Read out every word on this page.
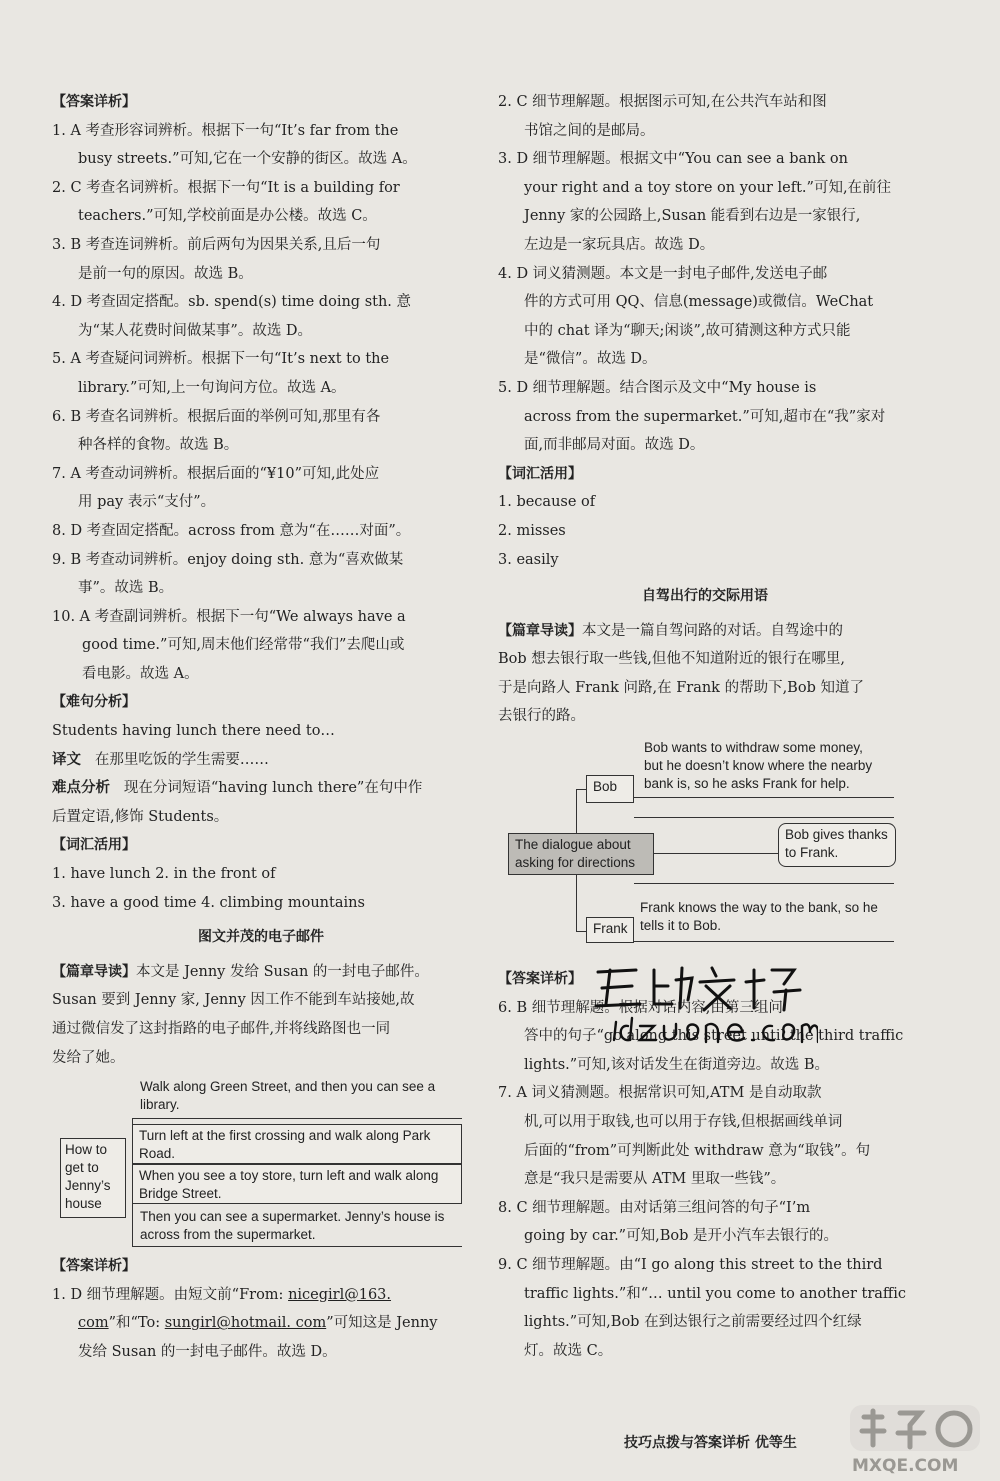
【答案详析】
1. A 考查形容词辨析。根据下一句“It’s far from the
busy streets.”可知,它在一个安静的街区。故选 A。
2. C 考查名词辨析。根据下一句“It is a building for
teachers.”可知,学校前面是办公楼。故选 C。
3. B 考查连词辨析。前后两句为因果关系,且后一句
是前一句的原因。故选 B。
4. D 考查固定搭配。sb. spend(s) time doing sth. 意
为“某人花费时间做某事”。故选 D。
5. A 考查疑问词辨析。根据下一句“It’s next to the
library.”可知,上一句询问方位。故选 A。
6. B 考查名词辨析。根据后面的举例可知,那里有各
种各样的食物。故选 B。
7. A 考查动词辨析。根据后面的“¥10”可知,此处应
用 pay 表示“支付”。
8. D 考查固定搭配。across from 意为“在……对面”。
9. B 考查动词辨析。enjoy doing sth. 意为“喜欢做某
事”。故选 B。
10. A 考查副词辨析。根据下一句“We always have a
good time.”可知,周末他们经常带“我们”去爬山或
看电影。故选 A。
【难句分析】
Students having lunch there need to…
译文 在那里吃饭的学生需要……
难点分析 现在分词短语“having lunch there”在句中作
后置定语,修饰 Students。
【词汇活用】
1. have lunch 2. in the front of
3. have a good time 4. climbing mountains
图文并茂的电子邮件
【篇章导读】本文是 Jenny 发给 Susan 的一封电子邮件。
Susan 要到 Jenny 家, Jenny 因工作不能到车站接她,故
通过微信发了这封指路的电子邮件,并将线路图也一同
发给了她。
Walk along Green Street, and then you can see a library.
Turn left at the first crossing and walk along Park Road.
When you see a toy store, turn left and walk along Bridge Street.
Then you can see a supermarket. Jenny’s house is across from the supermarket.
How to get to Jenny’s house
【答案详析】
1. D 细节理解题。由短文前“From: nicegirl@163.
com”和“To: sungirl@hotmail. com”可知这是 Jenny
发给 Susan 的一封电子邮件。故选 D。
2. C 细节理解题。根据图示可知,在公共汽车站和图
书馆之间的是邮局。
3. D 细节理解题。根据文中“You can see a bank on
your right and a toy store on your left.”可知,在前往
Jenny 家的公园路上,Susan 能看到右边是一家银行,
左边是一家玩具店。故选 D。
4. D 词义猜测题。本文是一封电子邮件,发送电子邮
件的方式可用 QQ、信息(message)或微信。WeChat
中的 chat 译为“聊天;闲谈”,故可猜测这种方式只能
是“微信”。故选 D。
5. D 细节理解题。结合图示及文中“My house is
across from the supermarket.”可知,超市在“我”家对
面,而非邮局对面。故选 D。
【词汇活用】
1. because of
2. misses
3. easily
自驾出行的交际用语
【篇章导读】本文是一篇自驾问路的对话。自驾途中的
Bob 想去银行取一些钱,但他不知道附近的银行在哪里,
于是向路人 Frank 问路,在 Frank 的帮助下,Bob 知道了
去银行的路。
Bob wants to withdraw some money,
but he doesn’t know where the nearby
bank is, so he asks Frank for help.
Bob
The dialogue about asking for directions
Bob gives thanks to Frank.
Frank knows the way to the bank, so he
tells it to Bob.
Frank
【答案详析】
6. B 细节理解题。根据对话内容,由第三组问
答中的句子“go along this street until the third traffic
lights.”可知,该对话发生在街道旁边。故选 B。
7. A 词义猜测题。根据常识可知,ATM 是自动取款
机,可以用于取钱,也可以用于存钱,但根据画线单词
后面的“from”可判断此处 withdraw 意为“取钱”。句
意是“我只是需要从 ATM 里取一些钱”。
8. C 细节理解题。由对话第三组问答的句子“I’m
going by car.”可知,Bob 是开小汽车去银行的。
9. C 细节理解题。由“I go along this street to the third
traffic lights.”和“… until you come to another traffic
lights.”可知,Bob 在到达银行之前需要经过四个红绿
灯。故选 C。
MXQE.COM
技巧点拨与答案详析 优等生
